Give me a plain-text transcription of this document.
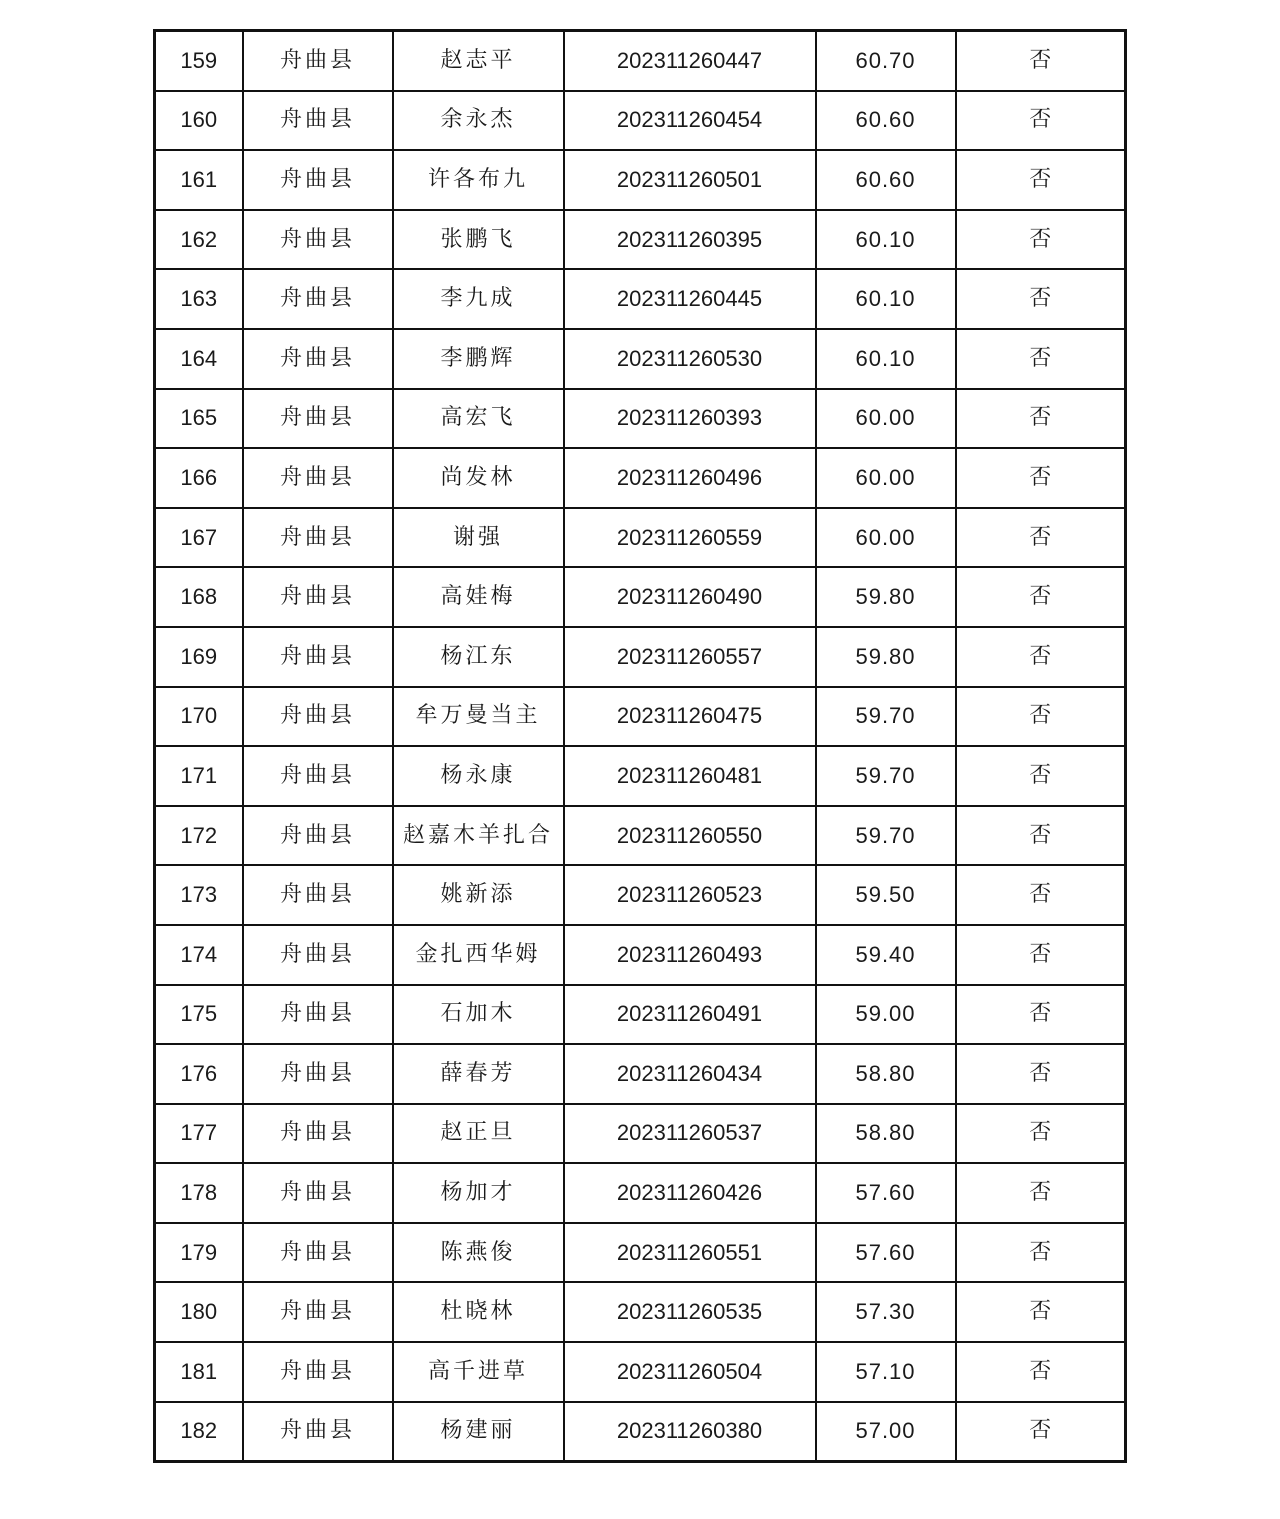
159	舟曲县	赵志平	202311260447	60.70	否
160	舟曲县	余永杰	202311260454	60.60	否
161	舟曲县	许各布九	202311260501	60.60	否
162	舟曲县	张鹏飞	202311260395	60.10	否
163	舟曲县	李九成	202311260445	60.10	否
164	舟曲县	李鹏辉	202311260530	60.10	否
165	舟曲县	高宏飞	202311260393	60.00	否
166	舟曲县	尚发林	202311260496	60.00	否
167	舟曲县	谢强	202311260559	60.00	否
168	舟曲县	高娃梅	202311260490	59.80	否
169	舟曲县	杨江东	202311260557	59.80	否
170	舟曲县	牟万曼当主	202311260475	59.70	否
171	舟曲县	杨永康	202311260481	59.70	否
172	舟曲县	赵嘉木羊扎合	202311260550	59.70	否
173	舟曲县	姚新添	202311260523	59.50	否
174	舟曲县	金扎西华姆	202311260493	59.40	否
175	舟曲县	石加木	202311260491	59.00	否
176	舟曲县	薛春芳	202311260434	58.80	否
177	舟曲县	赵正旦	202311260537	58.80	否
178	舟曲县	杨加才	202311260426	57.60	否
179	舟曲县	陈燕俊	202311260551	57.60	否
180	舟曲县	杜晓林	202311260535	57.30	否
181	舟曲县	高千进草	202311260504	57.10	否
182	舟曲县	杨建丽	202311260380	57.00	否
